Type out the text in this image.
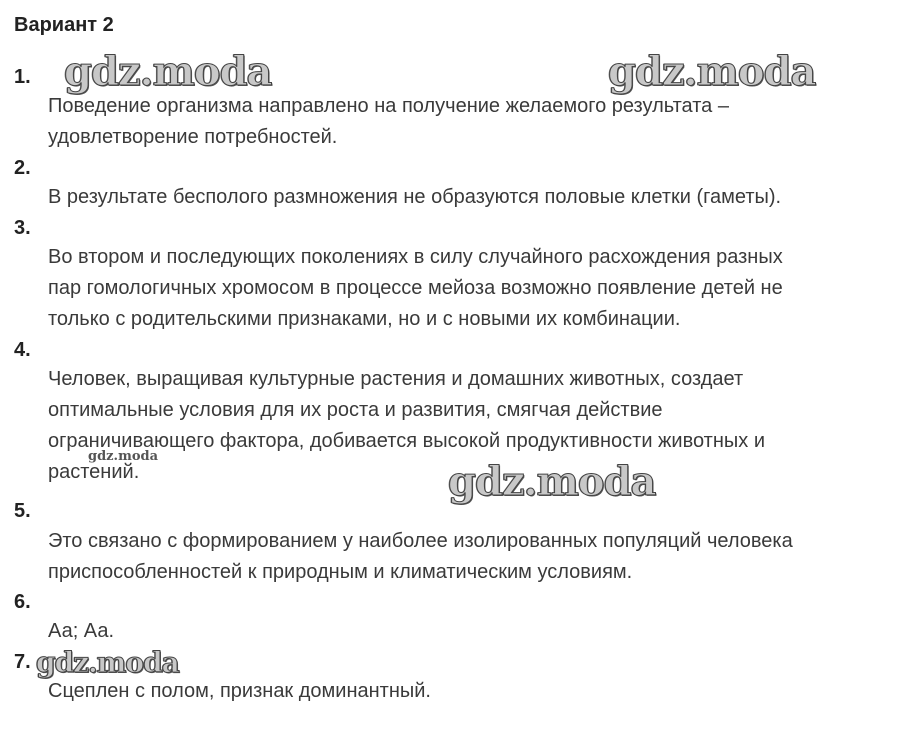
Вариант 2
1.
Поведение организма направлено на получение желаемого результата –
удовлетворение потребностей.
2.
В результате бесполого размножения не образуются половые клетки (гаметы).
3.
Во втором и последующих поколениях в силу случайного расхождения разных
пар гомологичных хромосом в процессе мейоза возможно появление детей не
только с родительскими признаками, но и с новыми их комбинации.
4.
Человек, выращивая культурные растения и домашних животных, создает
оптимальные условия для их роста и развития, смягчая действие
ограничивающего фактора, добивается высокой продуктивности животных и
растений.
5.
Это связано с формированием у наиболее изолированных популяций человека
приспособленностей к природным и климатическим условиям.
6.
Аа; Аа.
7.
Сцеплен с полом, признак доминантный.
gdz.moda	gdz.moda
gdz.moda
gdz.moda
gdz.moda
